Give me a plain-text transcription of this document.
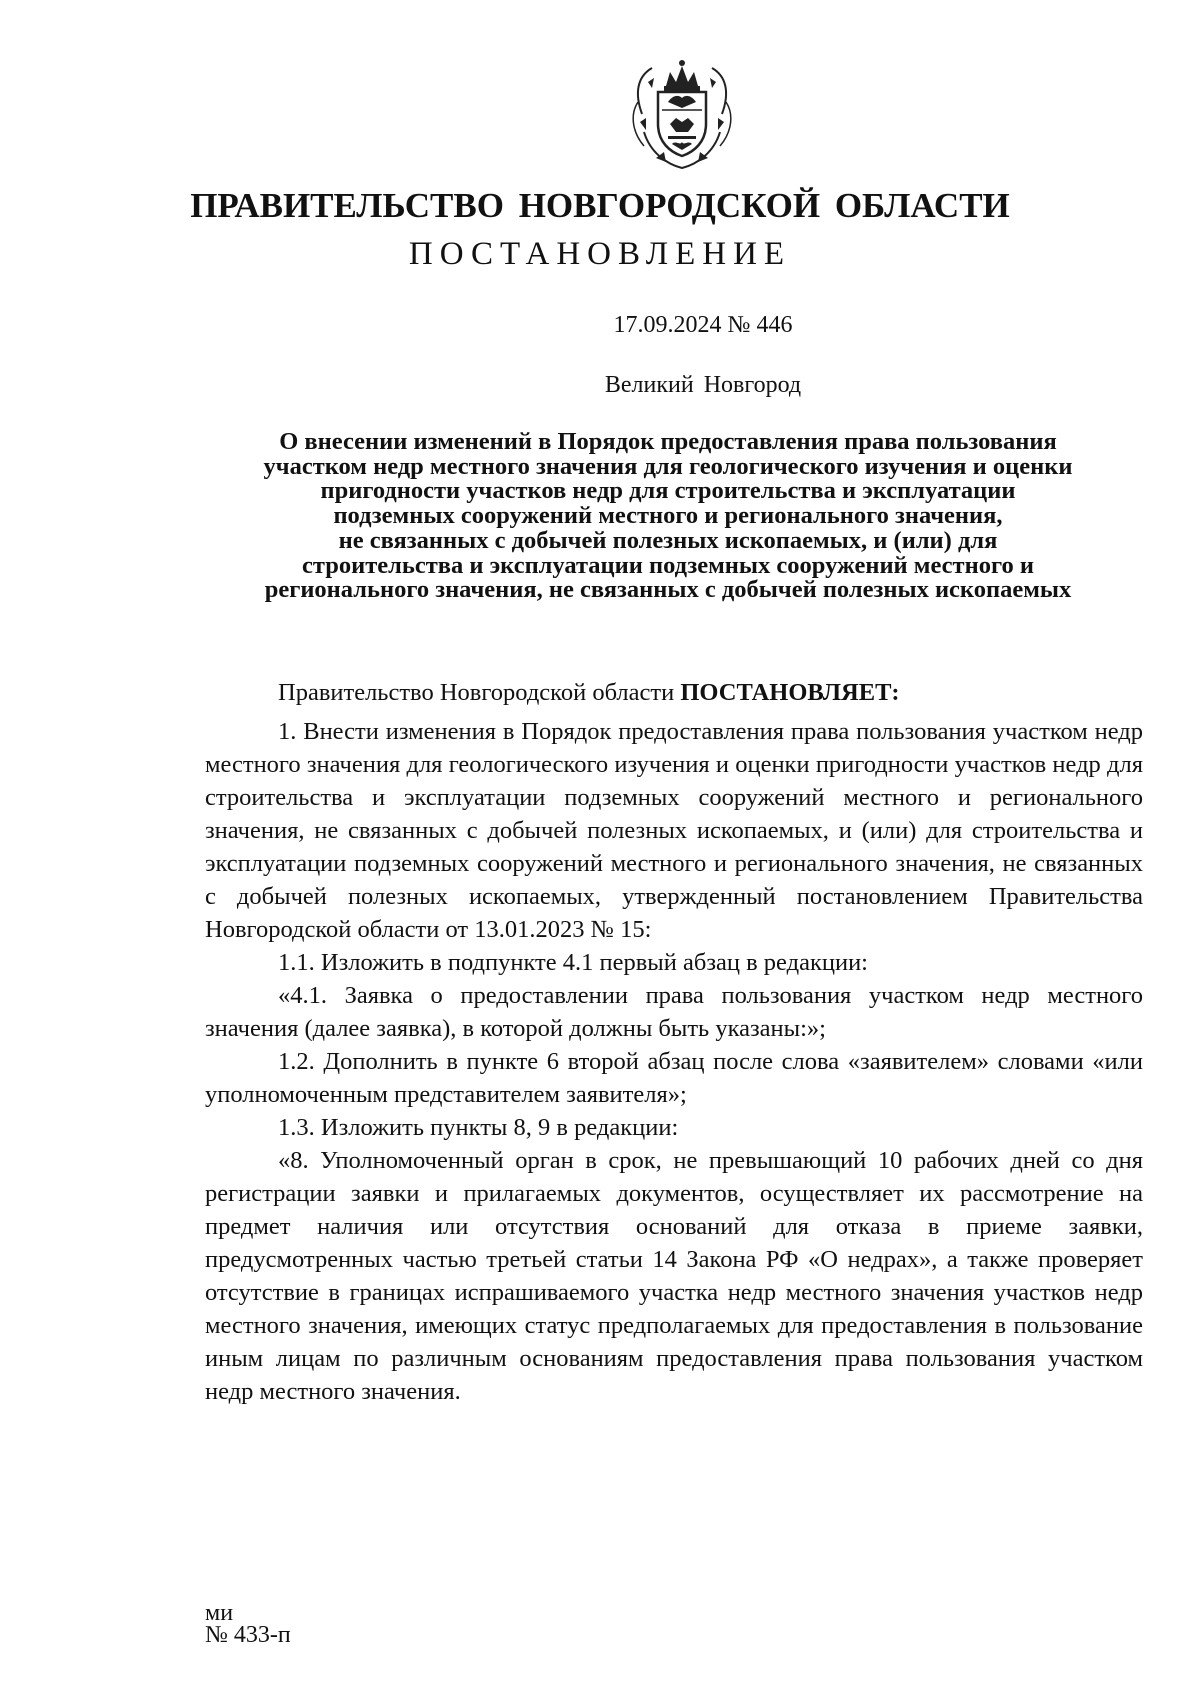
ПРАВИТЕЛЬСТВО НОВГОРОДСКОЙ ОБЛАСТИ

ПОСТАНОВЛЕНИЕ

17.09.2024 № 446

Великий Новгород

О внесении изменений в Порядок предоставления права пользования
участком недр местного значения для геологического изучения и оценки
пригодности участков недр для строительства и эксплуатации
подземных сооружений местного и регионального значения,
не связанных с добычей полезных ископаемых, и (или) для
строительства и эксплуатации подземных сооружений местного и
регионального значения, не связанных с добычей полезных ископаемых

Правительство Новгородской области ПОСТАНОВЛЯЕТ:

1. Внести изменения в Порядок предоставления права пользования участком недр местного значения для геологического изучения и оценки пригодности участков недр для строительства и эксплуатации подземных сооружений местного и регионального значения, не связанных с добычей полезных ископаемых, и (или) для строительства и эксплуатации подземных сооружений местного и регионального значения, не связанных с добычей полезных ископаемых, утвержденный постановлением Правительства Новгородской области от 13.01.2023 № 15:

1.1. Изложить в подпункте 4.1 первый абзац в редакции:

«4.1. Заявка о предоставлении права пользования участком недр местного значения (далее заявка), в которой должны быть указаны:»;

1.2. Дополнить в пункте 6 второй абзац после слова «заявителем» словами «или уполномоченным представителем заявителя»;

1.3. Изложить пункты 8, 9 в редакции:

«8. Уполномоченный орган в срок, не превышающий 10 рабочих дней со дня регистрации заявки и прилагаемых документов, осуществляет их рассмотрение на предмет наличия или отсутствия оснований для отказа в приеме заявки, предусмотренных частью третьей статьи 14 Закона РФ «О недрах», а также проверяет отсутствие в границах испрашиваемого участка недр местного значения участков недр местного значения, имеющих статус предполагаемых для предоставления в пользование иным лицам по различным основаниям предоставления права пользования участком недр местного значения.

ми
№ 433-п
